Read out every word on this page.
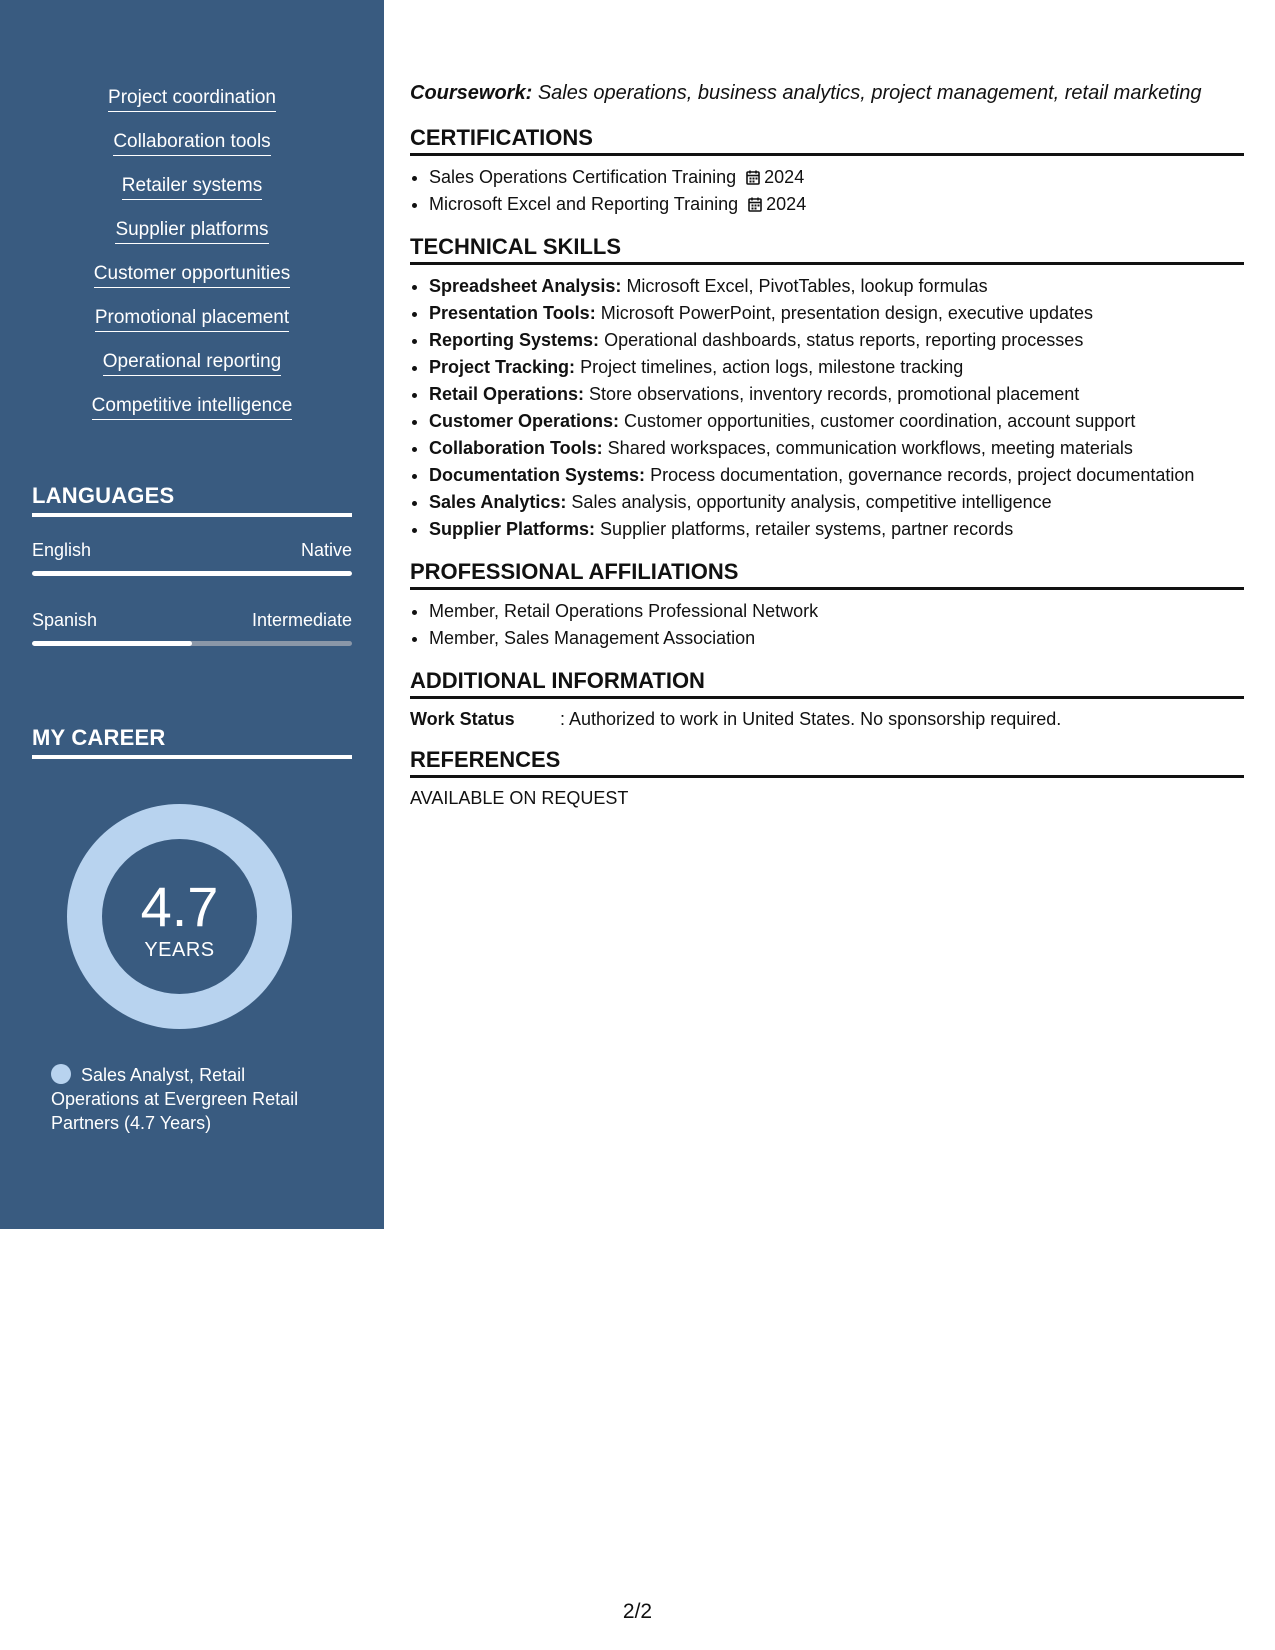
Project coordination
Collaboration tools
Retailer systems
Supplier platforms
Customer opportunities
Promotional placement
Operational reporting
Competitive intelligence
LANGUAGES
English	Native
Spanish	Intermediate
MY CAREER
4.7
YEARS
Sales Analyst, Retail Operations at Evergreen Retail Partners (4.7 Years)
Coursework: Sales operations, business analytics, project management, retail marketing
CERTIFICATIONS
• Sales Operations Certification Training 2024
• Microsoft Excel and Reporting Training 2024
TECHNICAL SKILLS
• Spreadsheet Analysis: Microsoft Excel, PivotTables, lookup formulas
• Presentation Tools: Microsoft PowerPoint, presentation design, executive updates
• Reporting Systems: Operational dashboards, status reports, reporting processes
• Project Tracking: Project timelines, action logs, milestone tracking
• Retail Operations: Store observations, inventory records, promotional placement
• Customer Operations: Customer opportunities, customer coordination, account support
• Collaboration Tools: Shared workspaces, communication workflows, meeting materials
• Documentation Systems: Process documentation, governance records, project documentation
• Sales Analytics: Sales analysis, opportunity analysis, competitive intelligence
• Supplier Platforms: Supplier platforms, retailer systems, partner records
PROFESSIONAL AFFILIATIONS
• Member, Retail Operations Professional Network
• Member, Sales Management Association
ADDITIONAL INFORMATION
Work Status	: Authorized to work in United States. No sponsorship required.
REFERENCES
AVAILABLE ON REQUEST
2/2
